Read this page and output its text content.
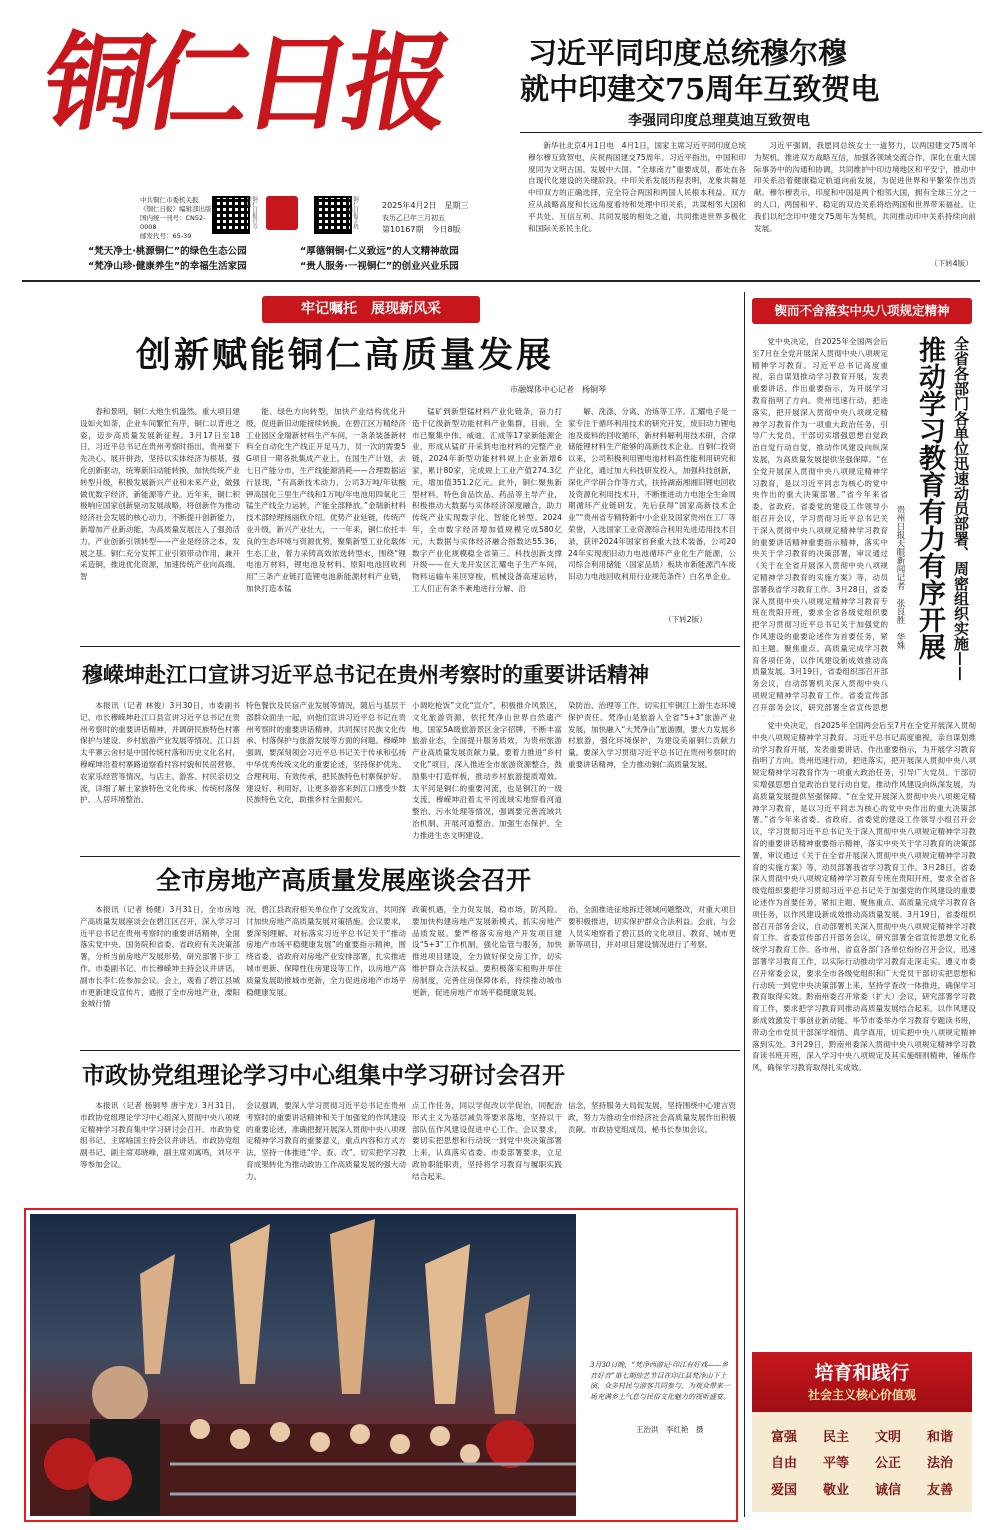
铜仁日报
中共铜仁市委机关报
《铜仁日报》编辑部出版
国内统一刊号：CN52-0008
邮发代号：65-39
铜仁日报官方微信	铜仁日报手机客户端	2025年4月2日　 星期三
农历乙巳年三月初五
第10167期　 今日8版
“梵天净土·桃源铜仁”的绿色生态公园
“梵净山珍·健康养生”的幸福生活家园
“厚德铜铜·仁义致远”的人文精神故园
“贵人服务·一视铜仁”的创业兴业乐园
习近平同印度总统穆尔穆
就中印建交75周年互致贺电
李强同印度总理莫迪互致贺电

新华社北京4月1日电　4月1日，国家主席习近平同印度总统穆尔穆互致贺电，庆祝两国建交75周年。习近平指出，中国和印度同为文明古国、发展中大国、“全球南方”重要成员，都处在各自现代化建设的关键阶段。中印关系发展历程表明，龙象共舞是中印双方的正确选择，完全符合两国和两国人民根本利益。双方应从战略高度和长远角度看待和处理中印关系，共谋相邻大国和平共处、互信互利、共同发展的相处之道，共同推进世界多极化和国际关系民主化。

习近平强调，我愿同总统女士一道努力，以两国建交75周年为契机，推进双方战略互信，加强各领域交流合作，深化在重大国际事务中的沟通和协调，共同维护中印边境地区和平安宁，推动中印关系沿着健康稳定轨道向前发展，为促进世界和平繁荣作出贡献。穆尔穆表示，印度和中国是两个相邻大国，拥有全球三分之一的人口，两国和平、稳定的双边关系将给两国和世界带来福祉。让我们以纪念印中建交75周年为契机，共同推动印中关系持续向前发展。

（下转4版）
牢记嘱托　展现新风采
创新赋能铜仁高质量发展
市融媒体中心记者　杨铜琴

春和景明，铜仁大地生机盎然。重大项目建设如火如荼，企业车间繁忙有序，铜仁以背进之姿，迈步高质量发展新征程。3月17日至18日，习近平总书记在贵州考察时指出，贵州要下先决心、展开拼劲，坚持以实体经济为根基，强化创新驱动，统筹新旧动能转换，加快传统产业转型升级，积极发展新兴产业和未来产业，做强做优数字经济，新能源等产业。近年来，铜仁积极响应国家创新驱动发展战略，将创新作为推动经济社会发展的核心动力，不断提升创新能力，新增加产业新动能，为高质量发展注入了强劲活力。产业创新引领转型——产业是经济之本，发展之基。铜仁充分发挥工业引领带动作用，兼开采造铜，推进优化资源，加速传统产业向高端、智

能、绿色方向转型，加快产业结构优化升级，促进新旧动能接续转换。在碧江区万精经济工业园区金瑞新材料生产车间，一条条装备新材料全自动化生产线正开足马力，员一次的需要5G项目一期各批集成产业上，在国生产计划，去七日产能分市，生产线能源消耗——合理数据运行显现，“有高新技术动力，公司3万吨/年钛酸钾高国化三里生产线和1万吨/年电池用四氧化三锰生产线全力运转，产能全部释放。”金瑞新材料技术部经理杨丽欣介绍。优势产业延链，传统产业升级，新兴产业壮大，一一年来，铜仁依托丰良的生态环境与资源优势，聚集新型工业化载体生态工业，着力采铸高效浓选转型水，围绕“锂电池万材料，锂电池及材料、原阳电池回收利用”三条产业链打造锂电池新能源材料产业链，加快打造本锰

锰矿到新型锰材料产业化链条，奋力打造千亿级新型功能材料产业集群，目前，全市已聚集中伟、威迪、汇成等17家新能源企业，形成从锰矿开采到电池材料的完整产业链，2024年新型功能材料规上企业新增6家，累计80家，完成规上工业产值274.3亿元，增加值351.2亿元。此外，铜仁聚焦新型材料，特色食品饮品、药品等主导产业，积极推动大数据与实体经济深度融合，助力传统产业实现数字化、智能化转型。2024年，全市数字经济增加值规模完成580亿元，大数据与实体经济融合指数达55.36，数字产业化规模稳全省第三。科技创新支撑升级——在大龙开发区汇耀电子生产车间，物料运输车来回穿梭，机械设备高速运转，工人们正有条不紊地进行分解、沿

解、洗涤、分离、冶炼等工序。汇耀电子是一家专注于循环利用技术的研究开发，废旧动力锂电池及废料的回收循环，新材料解利用技术研，合律储能锂材料生产能够的高新技术企业。自铜仁投资以来，公司积极利用锂电池材料高性能利用研究和产业化，通过加大科技研发投入，加强科技创新，深化产学研合作等方式，扶持湖南湘湘旧锂电回收及资源化利用技术升，不断推进动力电池全生命周期循环产业链研发，先后获得“国家高新技术企业”“贵州省专精特新中小企业及国家贵州在工厂等荣誉，入选国家工业资源综合利用先进适用技术目录，获评2024年国家首套重大技术装备，公司2024年实现废旧动力电池循环产业化生产能源，公司综合利用储能（国家品质）板块市新能源汽车废旧动力电池回收利用行业规范条件）白名单企业。

（下转2版）
穆嵘坤赴江口宣讲习近平总书记在贵州考察时的重要讲话精神

本报讯（记者 林俊）3月30日，市委副书记、市长穆嵘坤赴江口县宣讲习近平总书记在贵州考察时的重要讲话精神，并调研民族特色村寨保护与建设、乡村旅游产业发展等情况。江口县太平寨云舍村是中国传统村落和历史文化名村，穆嵘坤沿着村寨路道察看村容村貌和民居营修、农家乐经营等情况，与店主、游客、村民亲切交流，详细了解土家族特色文化传承、传统村落保护、人居环境整治、

特色餐饮及民宿产业发展等情况，随后与基层干部群众面坐一起，向他们宣讲习近平总书记在贵州考察时的重要讲话精神，共同探讨民族文化传承、村落保护与旅游发展等方面的问题。穆嵘坤强调，要深刻领会习近平总书记关于传承和弘扬中华优秀传统文化的重要论述，坚持保护优先、合理利用、有效传承，把民族特色村寨保护好、建设好、利用好，让更多游客来到江口感受少数民族特色文化，助推乡村全面振兴。

小调吃枪饭”文化“宣介”，积极推介风景区，文化旅游资源，依托梵净山世界自然遗产地，国家5A级旅游景区金字招牌，不断丰富旅游业态，全面提升服务质效，为贵州旅游产业高质量发展贡献力量。要着力推进“乡村文化”项目，深入推进全市旅游资源整合，鼓励集中打造样板，推动乡村旅游提质增效。太平河是铜仁的重要河流，也是铜江的一级支流，穆嵘坤沿着太平河流域实地察看河道整治、污水处理等情况，强调要完善流域共治机制、开展河道整治、加强生态保护、全力推进生态文明建设。

染防治、治理等工作，切实扛牢铜江上游生态环境保护责任。梵净山是旅游入全省“5+3”旅游产业发展，加快融入“大梵净山”旅游圈，要大力发展乡村旅游，强化环境保护，为建设美丽铜仁贡献力量。要深入学习贯彻习近平总书记在贵州考察时的重要讲话精神，全力推动铜仁高质量发展。

全市房地产高质量发展座谈会召开

本报讯（记者 杨健）3月31日，全市房地产高质量发展座谈会在碧江区召开，深入学习习近平总书记在贵州考察时的重要讲话精神，全面落实党中央、国务院和省委、省政府有关决策部署，分析当前房地产发展形势，研究部署下步工作。市委副书记、市长穆嵘坤主持会议并讲话，副市长李仁佐参加会议。会上，观看了碧江县城市更新建设宣传片，通报了全市房地产业，溧阳金城行情

况，碧江县政府相关单位作了交流发言，共同探讨加快房地产高质量发展对策措施。会议要求，要深刻理解、对标落实习近平总书记关于“推动房地产市场平稳健康发展”的重要指示精神，围绕省委、省政府对房地产业安排部署，扎实推进城市更新、保障性住房建设等工作，以房地产高质量发展助推城市更新，全力促进房地产市场平稳健康发展。

政策机遇，全力促发展，稳市场，防风险。要加快构建房地产发展新模式，抓实房地产品质发展。要严格落实房地产开发项目建设“5+3”工作机制，强化监管与服务，加快推进项目建设，全力做好保交房工作，切实维护群众合法权益。要积极落实租购并举住房制度，完善住房保障体系，持续推动城市更新，促进房地产市场平稳健康发展。

治，全面推进征地拆迁领域问题整改，对重大项目要积极推进，切实保护群众合法利益。会前，与会人员实地察看了碧江县的文化项目、教育、城市更新等项目，并对项目建设情况进行了考察。

市政协党组理论学习中心组集中学习研讨会召开

本报讯（记者 杨铜琴 唐宇龙）3月31日，市政协党组理论学习中心组深入贯彻中央八项规定精神学习教育集中学习研讨会召开。市政协党组书记、主席喻国主持会议并讲话。市政协党组副书记、副主席邓晓峰，副主席刘寓鸣，刘尽平等参加会议。

会议强调，要深入学习贯彻习近平总书记在贵州考察时的重要讲话精神和关于加强党的作风建设的重要论述，准确把握开展深入贯彻中央八项规定精神学习教育的重要意义，重点内容和方式方法，坚持一体推进“学、查、改”，切实把学习教育成果转化为推动政协工作高质量发展的强大动力。

点工作任务，同以学促改以学促治，同配治形式主义为基层减负等要求落地，坚持以干部队伍作风建设促进中心工作。会议要求，要切实把思想和行动统一到党中央决策部署上来，认真落实省委、市委部署要求，立足政协职能职责，坚持将学习教育与履职实践结合起来。

信念，坚持服务大局促发展，坚持围绕中心建言资政，努力为推动全市经济社会高质量发展作出积极贡献。市政协党组成员、秘书长参加会议。

3月30日晚，“梵净西游记·印江有好戏——乡音好音”第七期综艺节目在印江县梵净山下上演，众多村民与游客共同参与，为观众带来一场充满乡土气息与民俗文化魅力的视听盛宴。
王治洪　李红艳　摄
锲而不舍落实中央八项规定精神
全省各部门各单位迅速动员部署、周密组织实施——
推动学习教育有力有序开展
贵州日报天眼新闻记者　张良胜　华姝

党中央决定，自2025年全国两会后至7月在全党开展深入贯彻中央八项规定精神学习教育。习近平总书记高度重视，亲自谋划推动学习教育开展，发表重要讲话、作出重要指示，为开展学习教育指明了方向。贵州迅速行动，把进落实，把开展深入贯彻中央八项规定精神学习教育作为一项重大政治任务，引导广大党员、干部切实增强思想自觉政治自觉行动自觉，推动作风建设向纵深发展，为高质量发展提供坚强保障。“在全党开展深入贯彻中央八项规定精神学习教育，是以习近平同志为核心的党中央作出的重大决策部署。”省今年来省委、省政府、省委党的建设工作领导小组召开会议，学习贯彻习近平总书记关于深入贯彻中央八项规定精神学习教育的重要讲话精神重要指示精神，落实中央关于学习教育的决策部署，审议通过《关于在全省开展深入贯彻中央八项规定精神学习教育的实施方案》等，动员部署我省学习教育工作。3月28日，省委深入贯彻中央八项规定精神学习教育专班在贵阳开班，要求全省各级党组织要把学习贯彻习近平总书记关于加强党的作风建设的重要论述作为首要任务，紧扣主题、聚焦重点、高质量完成学习教育各项任务，以作风建设新成效推动高质量发展。3月19日，省委组织部召开部务会议，自动部署机关深入贯彻中央八项规定精神学习教育工作。省委宣传部召开部务会议，研究部署全省宣传思想

党中央决定，自2025年全国两会后至7月在全党开展深入贯彻中央八项规定精神学习教育。习近平总书记高度重视，亲自谋划推动学习教育开展，发表重要讲话、作出重要指示，为开展学习教育指明了方向。贵州迅速行动，把进落实，把开展深入贯彻中央八项规定精神学习教育作为一项重大政治任务，引导广大党员、干部切实增强思想自觉政治自觉行动自觉，推动作风建设向纵深发展，为高质量发展提供坚强保障。“在全党开展深入贯彻中央八项规定精神学习教育，是以习近平同志为核心的党中央作出的重大决策部署。”省今年来省委、省政府、省委党的建设工作领导小组召开会议，学习贯彻习近平总书记关于深入贯彻中央八项规定精神学习教育的重要讲话精神重要指示精神，落实中央关于学习教育的决策部署，审议通过《关于在全省开展深入贯彻中央八项规定精神学习教育的实施方案》等，动员部署我省学习教育工作。3月28日，省委深入贯彻中央八项规定精神学习教育专班在贵阳开班，要求全省各级党组织要把学习贯彻习近平总书记关于加强党的作风建设的重要论述作为首要任务，紧扣主题、聚焦重点、高质量完成学习教育各项任务，以作风建设新成效推动高质量发展。3月19日，省委组织部召开部务会议，自动部署机关深入贯彻中央八项规定精神学习教育工作。省委宣传部召开部务会议，研究部署全省宣传思想文化系统学习教育工作。各市州、省直各部门各单位纷纷召开会议，迅速部署学习教育工作，以实际行动推动学习教育走深走实。遵义市委召开常委会议，要求全市各级党组织和广大党员干部切实把思想和行动统一到党中央决策部署上来，坚持学查改一体推进，确保学习教育取得实效。黔南州委召开常委（扩大）会议，研究部署学习教育工作，要求把学习教育同推动高质量发展结合起来，以作风建设新成效激发干事创业新动能。毕节市委举办学习教育专题读书班，带动全市党员干部深学细悟、真学真用，切实把中央八项规定精神落到实处。3月29日，黔南州委深入贯彻中央八项规定精神学习教育读书班开班，深入学习中央八项规定及其实施细则精神，锤炼作风，确保学习教育取得扎实成效。

培育和践行
社会主义核心价值观
富强	民主	文明	和谐
自由	平等	公正	法治
爱国	敬业	诚信	友善
